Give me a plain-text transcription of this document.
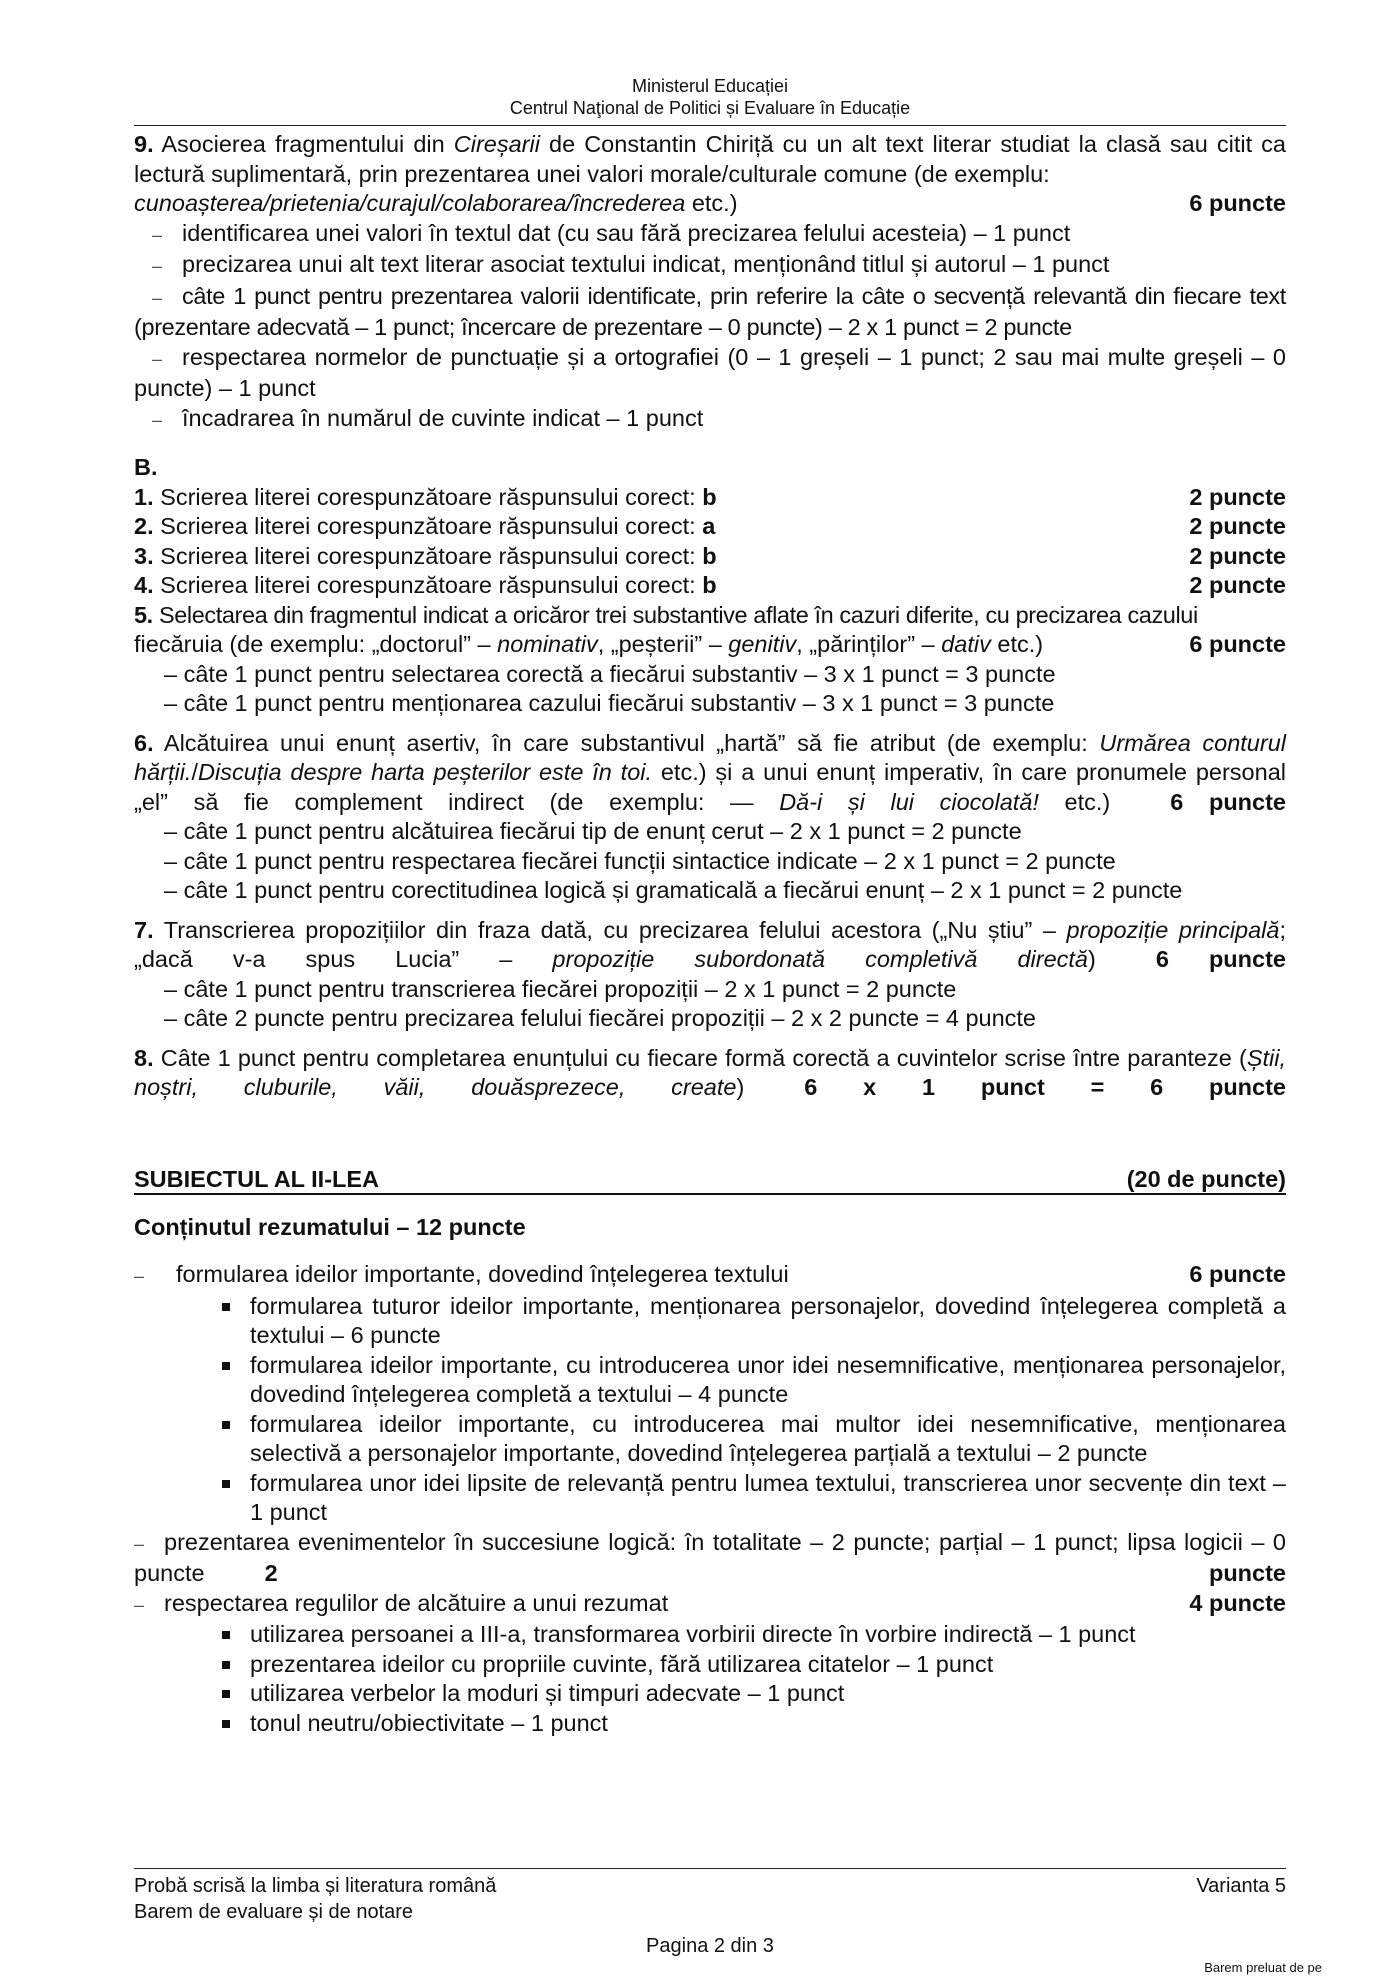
Ministerul Educației
Centrul Naţional de Politici și Evaluare în Educație
9. Asocierea fragmentului din Cireșarii de Constantin Chiriță cu un alt text literar studiat la clasă sau citit ca lectură suplimentară, prin prezentarea unei valori morale/culturale comune (de exemplu:
cunoașterea/prietenia/curajul/colaborarea/încrederea etc.)	6 puncte
– identificarea unei valori în textul dat (cu sau fără precizarea felului acesteia) – 1 punct
– precizarea unui alt text literar asociat textului indicat, menționând titlul și autorul – 1 punct
– câte 1 punct pentru prezentarea valorii identificate, prin referire la câte o secvență relevantă din fiecare text (prezentare adecvată – 1 punct; încercare de prezentare – 0 puncte) – 2 x 1 punct = 2 puncte
– respectarea normelor de punctuație și a ortografiei (0 – 1 greșeli – 1 punct; 2 sau mai multe greșeli – 0 puncte) – 1 punct
– încadrarea în numărul de cuvinte indicat – 1 punct
B.
1. Scrierea literei corespunzătoare răspunsului corect: b	2 puncte
2. Scrierea literei corespunzătoare răspunsului corect: a	2 puncte
3. Scrierea literei corespunzătoare răspunsului corect: b	2 puncte
4. Scrierea literei corespunzătoare răspunsului corect: b	2 puncte
5. Selectarea din fragmentul indicat a oricăror trei substantive aflate în cazuri diferite, cu precizarea cazului
fiecăruia (de exemplu: „doctorul” – nominativ, „peșterii” – genitiv, „părinților” – dativ etc.)	6 puncte
– câte 1 punct pentru selectarea corectă a fiecărui substantiv – 3 x 1 punct = 3 puncte
– câte 1 punct pentru menționarea cazului fiecărui substantiv – 3 x 1 punct = 3 puncte
6. Alcătuirea unui enunț asertiv, în care substantivul „hartă” să fie atribut (de exemplu: Urmărea conturul hărții./Discuția despre harta peșterilor este în toi. etc.) și a unui enunț imperativ, în care pronumele personal „el” să fie complement indirect (de exemplu: — Dă-i și lui ciocolată! etc.)	6 puncte
– câte 1 punct pentru alcătuirea fiecărui tip de enunț cerut – 2 x 1 punct = 2 puncte
– câte 1 punct pentru respectarea fiecărei funcții sintactice indicate – 2 x 1 punct = 2 puncte
– câte 1 punct pentru corectitudinea logică și gramaticală a fiecărui enunț – 2 x 1 punct = 2 puncte
7. Transcrierea propozițiilor din fraza dată, cu precizarea felului acestora („Nu știu” – propoziție principală; „dacă v-a spus Lucia” – propoziție subordonată completivă directă)	6 puncte
– câte 1 punct pentru transcrierea fiecărei propoziții – 2 x 1 punct = 2 puncte
– câte 2 puncte pentru precizarea felului fiecărei propoziții – 2 x 2 puncte = 4 puncte
8. Câte 1 punct pentru completarea enunțului cu fiecare formă corectă a cuvintelor scrise între paranteze (Știi, noștri, cluburile, văii, douăsprezece, create)	6 x 1 punct = 6 puncte
SUBIECTUL AL II-LEA	(20 de puncte)
Conținutul rezumatului – 12 puncte
– formularea ideilor importante, dovedind înțelegerea textului	6 puncte
formularea tuturor ideilor importante, menționarea personajelor, dovedind înțelegerea completă a textului – 6 puncte
formularea ideilor importante, cu introducerea unor idei nesemnificative, menționarea personajelor, dovedind înțelegerea completă a textului – 4 puncte
formularea ideilor importante, cu introducerea mai multor idei nesemnificative, menționarea selectivă a personajelor importante, dovedind înțelegerea parțială a textului – 2 puncte
formularea unor idei lipsite de relevanță pentru lumea textului, transcrierea unor secvențe din text – 1 punct
– prezentarea evenimentelor în succesiune logică: în totalitate – 2 puncte; parțial – 1 punct; lipsa logicii – 0 puncte	2 puncte
– respectarea regulilor de alcătuire a unui rezumat	4 puncte
utilizarea persoanei a III-a, transformarea vorbirii directe în vorbire indirectă – 1 punct
prezentarea ideilor cu propriile cuvinte, fără utilizarea citatelor – 1 punct
utilizarea verbelor la moduri și timpuri adecvate – 1 punct
tonul neutru/obiectivitate – 1 punct
Probă scrisă la limba și literatura română	Varianta 5
Barem de evaluare și de notare
Pagina 2 din 3
Barem preluat de pe
